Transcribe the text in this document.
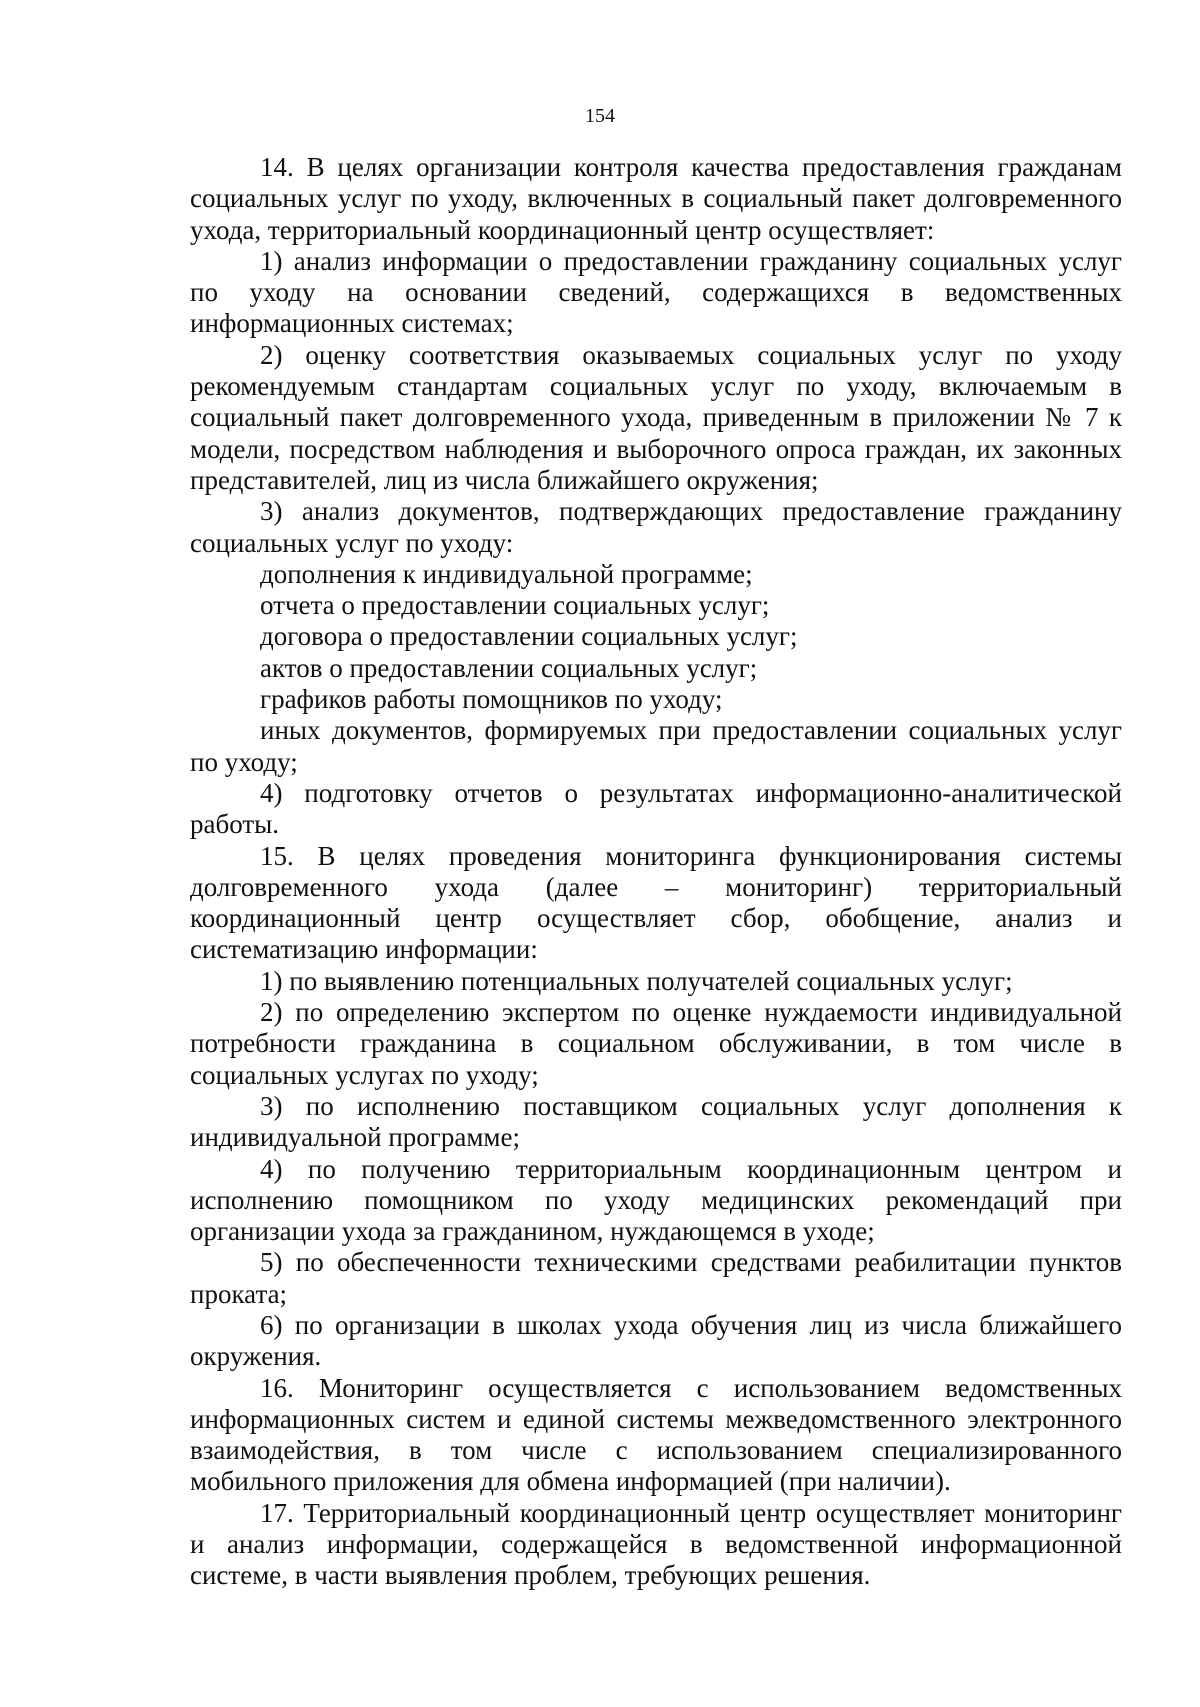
154

14. В целях организации контроля качества предоставления гражданам социальных услуг по уходу, включенных в социальный пакет долговременного ухода, территориальный координационный центр осуществляет:

1) анализ информации о предоставлении гражданину социальных услуг по уходу на основании сведений, содержащихся в ведомственных информационных системах;

2) оценку соответствия оказываемых социальных услуг по уходу рекомендуемым стандартам социальных услуг по уходу, включаемым в социальный пакет долговременного ухода, приведенным в приложении № 7 к модели, посредством наблюдения и выборочного опроса граждан, их законных представителей, лиц из числа ближайшего окружения;

3) анализ документов, подтверждающих предоставление гражданину социальных услуг по уходу:

дополнения к индивидуальной программе;

отчета о предоставлении социальных услуг;

договора о предоставлении социальных услуг;

актов о предоставлении социальных услуг;

графиков работы помощников по уходу;

иных документов, формируемых при предоставлении социальных услуг по уходу;

4) подготовку отчетов о результатах информационно-аналитической работы.

15. В целях проведения мониторинга функционирования системы долговременного ухода (далее – мониторинг) территориальный координационный центр осуществляет сбор, обобщение, анализ и систематизацию информации:

1) по выявлению потенциальных получателей социальных услуг;

2) по определению экспертом по оценке нуждаемости индивидуальной потребности гражданина в социальном обслуживании, в том числе в социальных услугах по уходу;

3) по исполнению поставщиком социальных услуг дополнения к индивидуальной программе;

4) по получению территориальным координационным центром и исполнению помощником по уходу медицинских рекомендаций при организации ухода за гражданином, нуждающемся в уходе;

5) по обеспеченности техническими средствами реабилитации пунктов проката;

6) по организации в школах ухода обучения лиц из числа ближайшего окружения.

16. Мониторинг осуществляется с использованием ведомственных информационных систем и единой системы межведомственного электронного взаимодействия, в том числе с использованием специализированного мобильного приложения для обмена информацией (при наличии).

17. Территориальный координационный центр осуществляет мониторинг и анализ информации, содержащейся в ведомственной информационной системе, в части выявления проблем, требующих решения.
